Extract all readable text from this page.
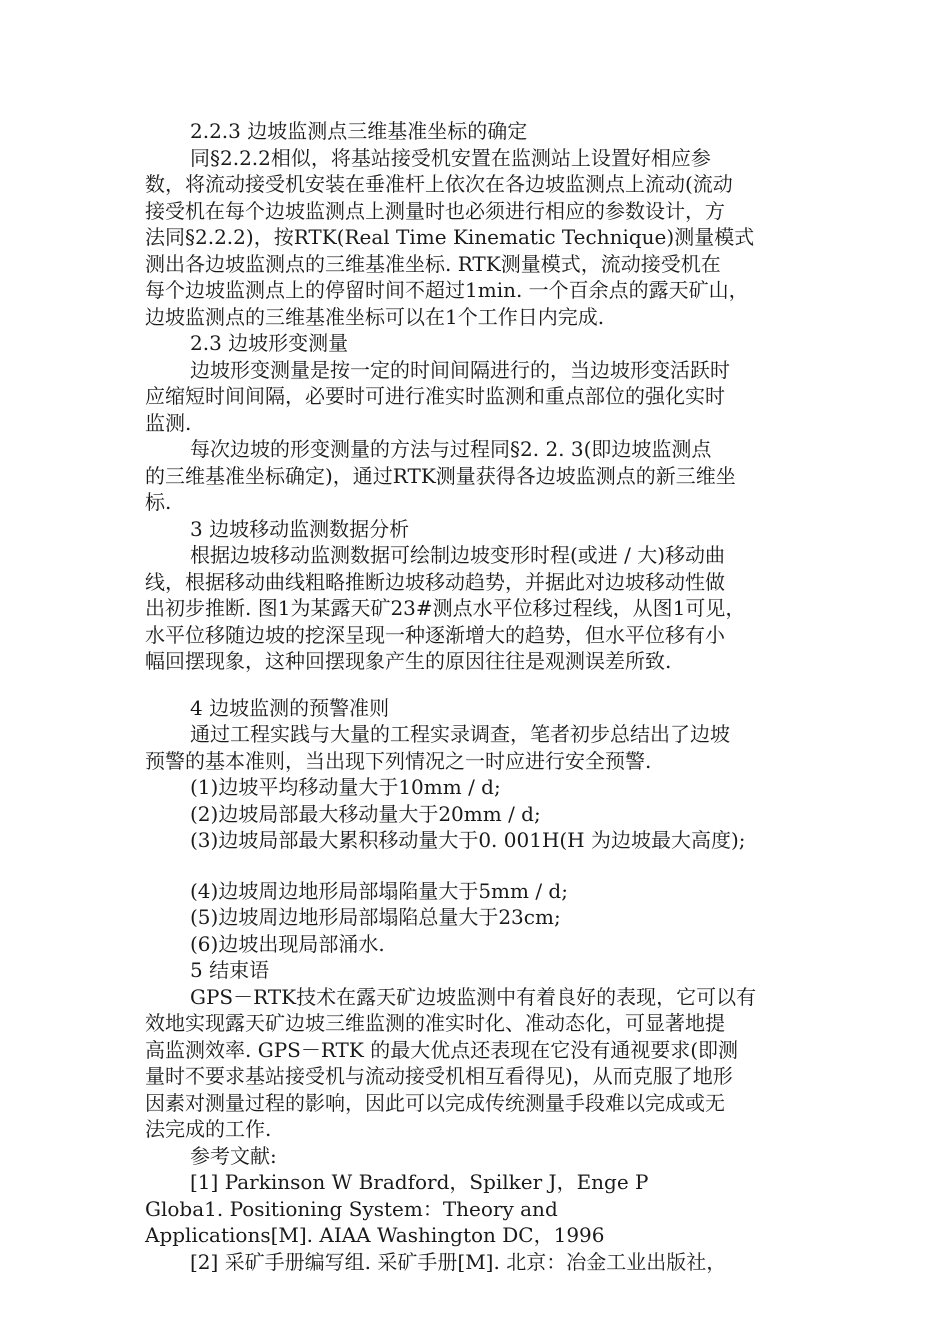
2.2.3 边坡监测点三维基准坐标的确定
同§2.2.2相似，将基站接受机安置在监测站上设置好相应参
数，将流动接受机安装在垂准杆上依次在各边坡监测点上流动(流动
接受机在每个边坡监测点上测量时也必须进行相应的参数设计，方
法同§2.2.2)，按RTK(Real Time Kinematic Technique)测量模式
测出各边坡监测点的三维基准坐标. RTK测量模式，流动接受机在
每个边坡监测点上的停留时间不超过1min. 一个百余点的露天矿山，
边坡监测点的三维基准坐标可以在1个工作日内完成.
2.3 边坡形变测量
边坡形变测量是按一定的时间间隔进行的，当边坡形变活跃时
应缩短时间间隔，必要时可进行准实时监测和重点部位的强化实时
监测.
每次边坡的形变测量的方法与过程同§2. 2. 3(即边坡监测点
的三维基准坐标确定)，通过RTK测量获得各边坡监测点的新三维坐
标.
3 边坡移动监测数据分析
根据边坡移动监测数据可绘制边坡变形时程(或进 / 大)移动曲
线，根据移动曲线粗略推断边坡移动趋势，并据此对边坡移动性做
出初步推断. 图1为某露天矿23#测点水平位移过程线，从图1可见，
水平位移随边坡的挖深呈现一种逐渐增大的趋势，但水平位移有小
幅回摆现象，这种回摆现象产生的原因往往是观测误差所致.
4 边坡监测的预警准则
通过工程实践与大量的工程实录调查，笔者初步总结出了边坡
预警的基本准则，当出现下列情况之一时应进行安全预警.
(1)边坡平均移动量大于10mm / d;
(2)边坡局部最大移动量大于20mm / d;
(3)边坡局部最大累积移动量大于0. 001H(H 为边坡最大高度);
(4)边坡周边地形局部塌陷量大于5mm / d;
(5)边坡周边地形局部塌陷总量大于23cm;
(6)边坡出现局部涌水.
5 结束语
GPS－RTK技术在露天矿边坡监测中有着良好的表现，它可以有
效地实现露天矿边坡三维监测的准实时化、准动态化，可显著地提
高监测效率. GPS－RTK 的最大优点还表现在它没有通视要求(即测
量时不要求基站接受机与流动接受机相互看得见)，从而克服了地形
因素对测量过程的影响，因此可以完成传统测量手段难以完成或无
法完成的工作.
参考文献:
[1] Parkinson W Bradford，Spilker J，Enge P
Globa1. Positioning System：Theory and
Applications[M]. AIAA Washington DC，1996
[2] 采矿手册编写组. 采矿手册[M]. 北京：冶金工业出版社，
